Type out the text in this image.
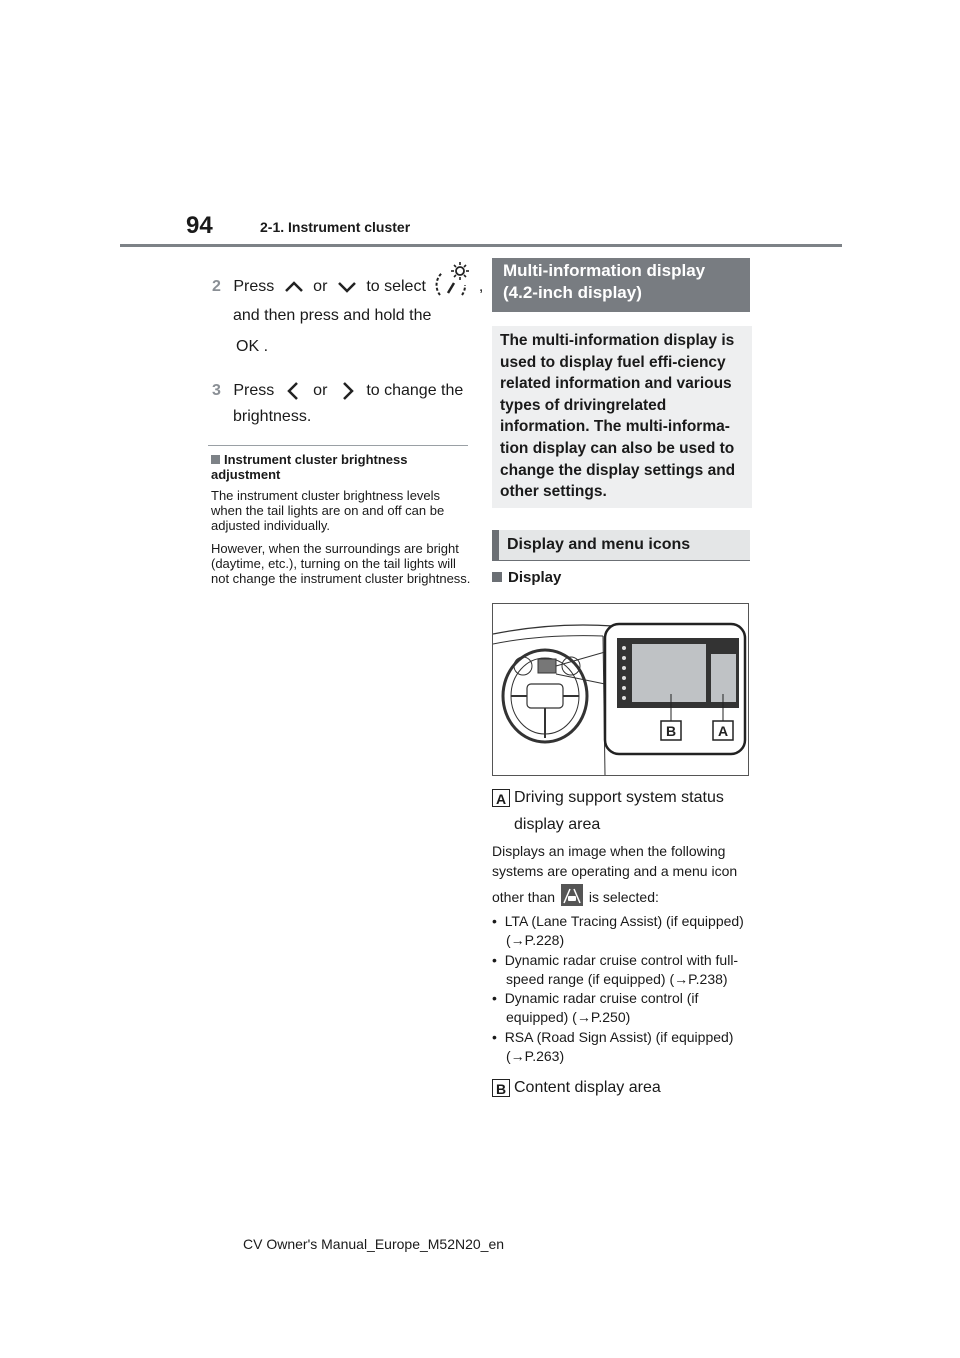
94	2-1. Instrument cluster
2 Press or to select	,
and then press and hold the
OK .
3 Press or to change the
brightness.
Instrument cluster brightness adjustment
The instrument cluster brightness levels when the tail lights are on and off can be adjusted individually.
However, when the surroundings are bright (daytime, etc.), turning on the tail lights will not change the instrument cluster brightness.
Multi-information display (4.2-inch display)
The multi-information display is used to display fuel effi-ciency related information and various types of drivingrelated information. The multi-informa-tion display can also be used to change the display settings and other settings.
Display and menu icons
Display
B	A
A Driving support system status
display area
Displays an image when the following
systems are operating and a menu icon
other than is selected:
•  LTA (Lane Tracing Assist) (if equipped) (→P.228)
•  Dynamic radar cruise control with full-speed range (if equipped) (→P.238)
•  Dynamic radar cruise control (if equipped) (→P.250)
•  RSA (Road Sign Assist) (if equipped) (→P.263)
B Content display area
CV Owner's Manual_Europe_M52N20_en
